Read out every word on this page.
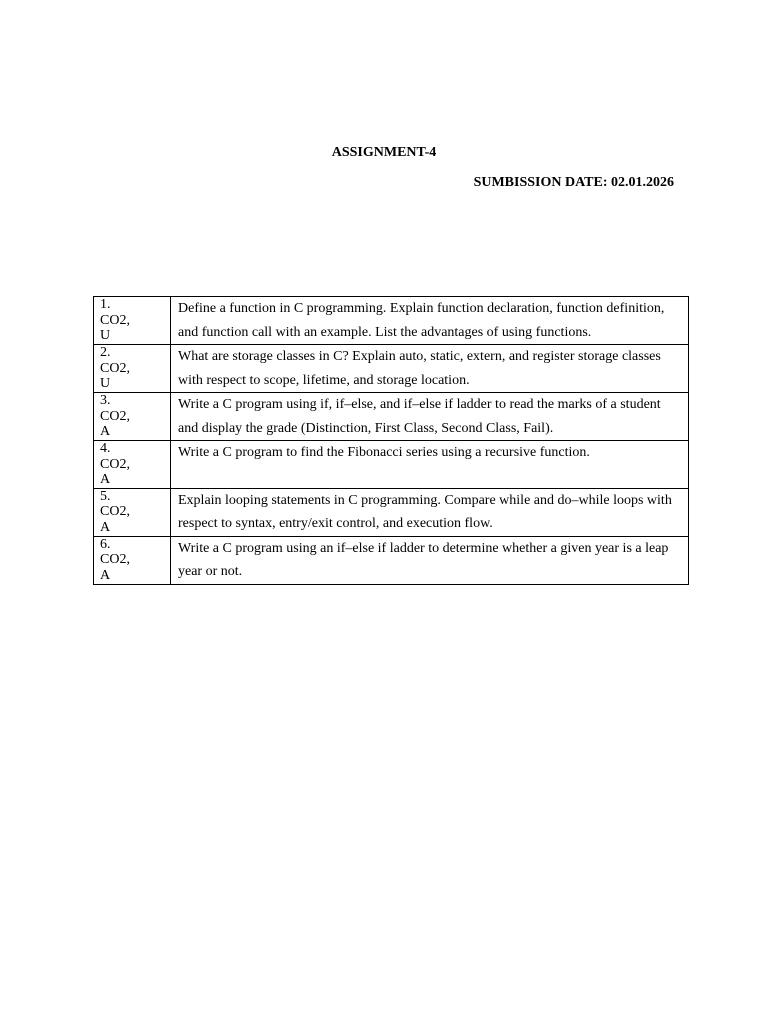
ASSIGNMENT-4

SUMBISSION DATE: 02.01.2026

1.
CO2,
U	Define a function in C programming. Explain function declaration, function definition, and function call with an example. List the advantages of using functions.

2.
CO2,
U	What are storage classes in C? Explain auto, static, extern, and register storage classes with respect to scope, lifetime, and storage location.

3.
CO2,
A	Write a C program using if, if–else, and if–else if ladder to read the marks of a student and display the grade (Distinction, First Class, Second Class, Fail).

4.
CO2,
A	Write a C program to find the Fibonacci series using a recursive function.

5.
CO2,
A	Explain looping statements in C programming. Compare while and do–while loops with respect to syntax, entry/exit control, and execution flow.

6.
CO2,
A	Write a C program using an if–else if ladder to determine whether a given year is a leap year or not.
